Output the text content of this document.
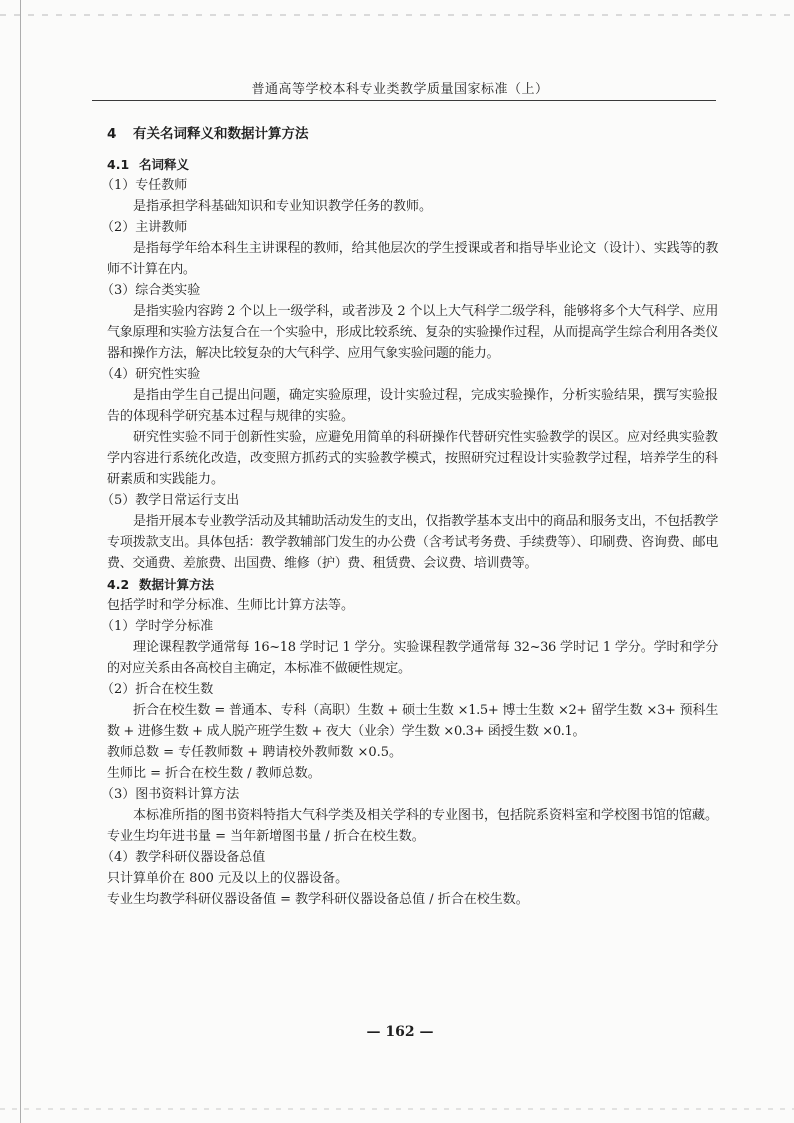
普通高等学校本科专业类教学质量国家标准（上）
4 有关名词释义和数据计算方法
4.1 名词释义
（1）专任教师
是指承担学科基础知识和专业知识教学任务的教师。
（2）主讲教师
是指每学年给本科生主讲课程的教师，给其他层次的学生授课或者和指导毕业论文（设计）、实践等的教师不计算在内。
（3）综合类实验
是指实验内容跨 2 个以上一级学科，或者涉及 2 个以上大气科学二级学科，能够将多个大气科学、应用气象原理和实验方法复合在一个实验中，形成比较系统、复杂的实验操作过程，从而提高学生综合利用各类仪器和操作方法，解决比较复杂的大气科学、应用气象实验问题的能力。
（4）研究性实验
是指由学生自己提出问题，确定实验原理，设计实验过程，完成实验操作，分析实验结果，撰写实验报告的体现科学研究基本过程与规律的实验。
研究性实验不同于创新性实验，应避免用简单的科研操作代替研究性实验教学的误区。应对经典实验教学内容进行系统化改造，改变照方抓药式的实验教学模式，按照研究过程设计实验教学过程，培养学生的科研素质和实践能力。
（5）教学日常运行支出
是指开展本专业教学活动及其辅助活动发生的支出，仅指教学基本支出中的商品和服务支出，不包括教学专项拨款支出。具体包括：教学教辅部门发生的办公费（含考试考务费、手续费等）、印刷费、咨询费、邮电费、交通费、差旅费、出国费、维修（护）费、租赁费、会议费、培训费等。
4.2 数据计算方法
包括学时和学分标准、生师比计算方法等。
（1）学时学分标准
理论课程教学通常每 16~18 学时记 1 学分。实验课程教学通常每 32~36 学时记 1 学分。学时和学分的对应关系由各高校自主确定，本标准不做硬性规定。
（2）折合在校生数
折合在校生数 = 普通本、专科（高职）生数 + 硕士生数 ×1.5+ 博士生数 ×2+ 留学生数 ×3+ 预科生数 + 进修生数 + 成人脱产班学生数 + 夜大（业余）学生数 ×0.3+ 函授生数 ×0.1。
教师总数 = 专任教师数 + 聘请校外教师数 ×0.5。
生师比 = 折合在校生数 / 教师总数。
（3）图书资料计算方法
本标准所指的图书资料特指大气科学类及相关学科的专业图书，包括院系资料室和学校图书馆的馆藏。
专业生均年进书量 = 当年新增图书量 / 折合在校生数。
（4）教学科研仪器设备总值
只计算单价在 800 元及以上的仪器设备。
专业生均教学科研仪器设备值 = 教学科研仪器设备总值 / 折合在校生数。
— 162 —
